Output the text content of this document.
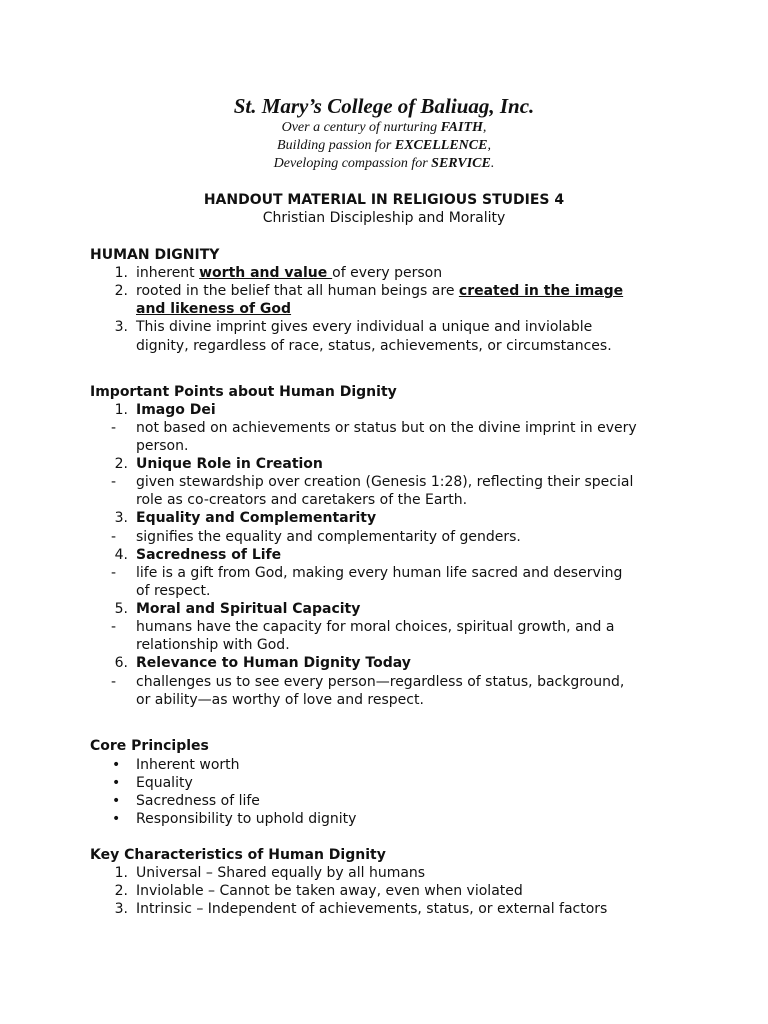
St. Mary’s College of Baliuag, Inc.
Over a century of nurturing FAITH,
Building passion for EXCELLENCE,
Developing compassion for SERVICE.
HANDOUT MATERIAL IN RELIGIOUS STUDIES 4
Christian Discipleship and Morality
HUMAN DIGNITY
1. inherent worth and value of every person
2. rooted in the belief that all human beings are created in the image
and likeness of God
3. This divine imprint gives every individual a unique and inviolable
dignity, regardless of race, status, achievements, or circumstances.
Important Points about Human Dignity
1. Imago Dei
- not based on achievements or status but on the divine imprint in every
person.
2. Unique Role in Creation
- given stewardship over creation (Genesis 1:28), reflecting their special
role as co-creators and caretakers of the Earth.
3. Equality and Complementarity
- signifies the equality and complementarity of genders.
4. Sacredness of Life
- life is a gift from God, making every human life sacred and deserving
of respect.
5. Moral and Spiritual Capacity
- humans have the capacity for moral choices, spiritual growth, and a
relationship with God.
6. Relevance to Human Dignity Today
- challenges us to see every person—regardless of status, background,
or ability—as worthy of love and respect.
Core Principles
• Inherent worth
• Equality
• Sacredness of life
• Responsibility to uphold dignity
Key Characteristics of Human Dignity
1. Universal – Shared equally by all humans
2. Inviolable – Cannot be taken away, even when violated
3. Intrinsic – Independent of achievements, status, or external factors
